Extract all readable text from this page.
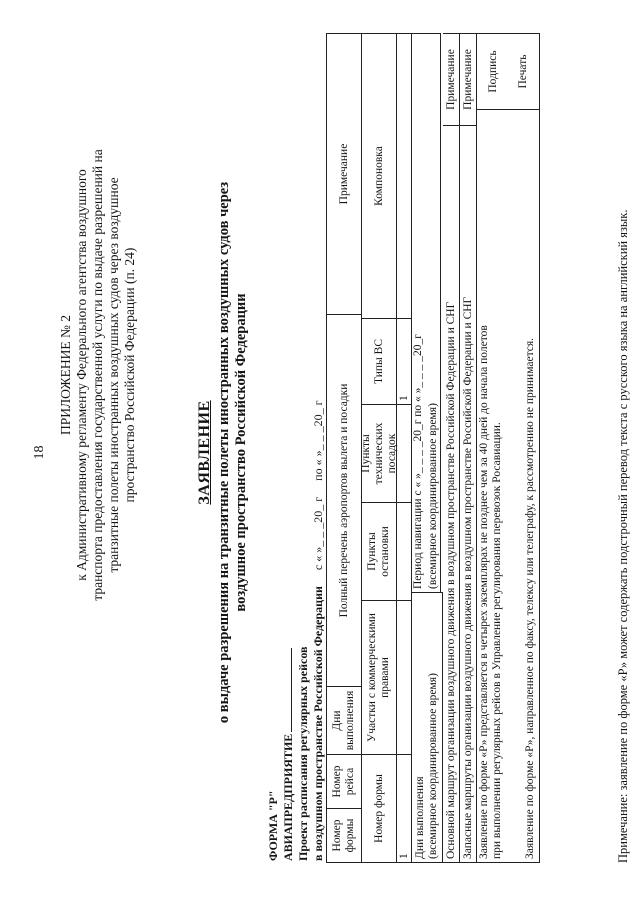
18
ПРИЛОЖЕНИЕ № 2 к Административному регламенту Федерального агентства воздушного транспорта предоставления государственной услуги по выдаче разрешений на транзитные полеты иностранных воздушных судов через воздушное пространство Российской Федерации (п. 24)	ЗАЯВЛЕНИЕ о выдаче разрешения на транзитные полеты иностранных воздушных судов через воздушное пространство Российской Федерации
ФОРМА "Р" АВИАПРЕДПРИЯТИЕ Проект расписания регулярных рейсов в воздушном пространстве Российской Федерациис « »_ _ _20_ гпо « »_ _ _20_ г
Номер формы
Номер рейса
Дни выполнения
Полный перечень аэропортов вылета и посадки
Примечание
Номер формы
Участки с коммерческими правами
Пункты остановки
Пункты технических посадок
Типы ВС
Компоновка
1
1
Дни выполнения (всемирное координированное время)
Период навигации с « »_ _ _ _20_г по « »_ _ _ _20_г (всемирное координированное время) Основной маршрут организации воздушного движения в воздушном пространстве Российской Федерации и СНГ
Примечание
Запасные маршруты организации воздушного движения в воздушном пространстве Российской Федерации и СНГ
Примечание

Заявление по форме «Р» представляется в четырех экземплярах не позднее чем за 40 дней до начала полетов при выполнении регулярных рейсов в Управление регулирования перевозок Росавиации. Заявление по форме «Р», направленное по факсу, телексу или телеграфу, к рассмотрению не принимается.

Подпись Печать
Примечание: заявление по форме «Р» может содержать подстрочный перевод текста с русского языка на английский язык.
